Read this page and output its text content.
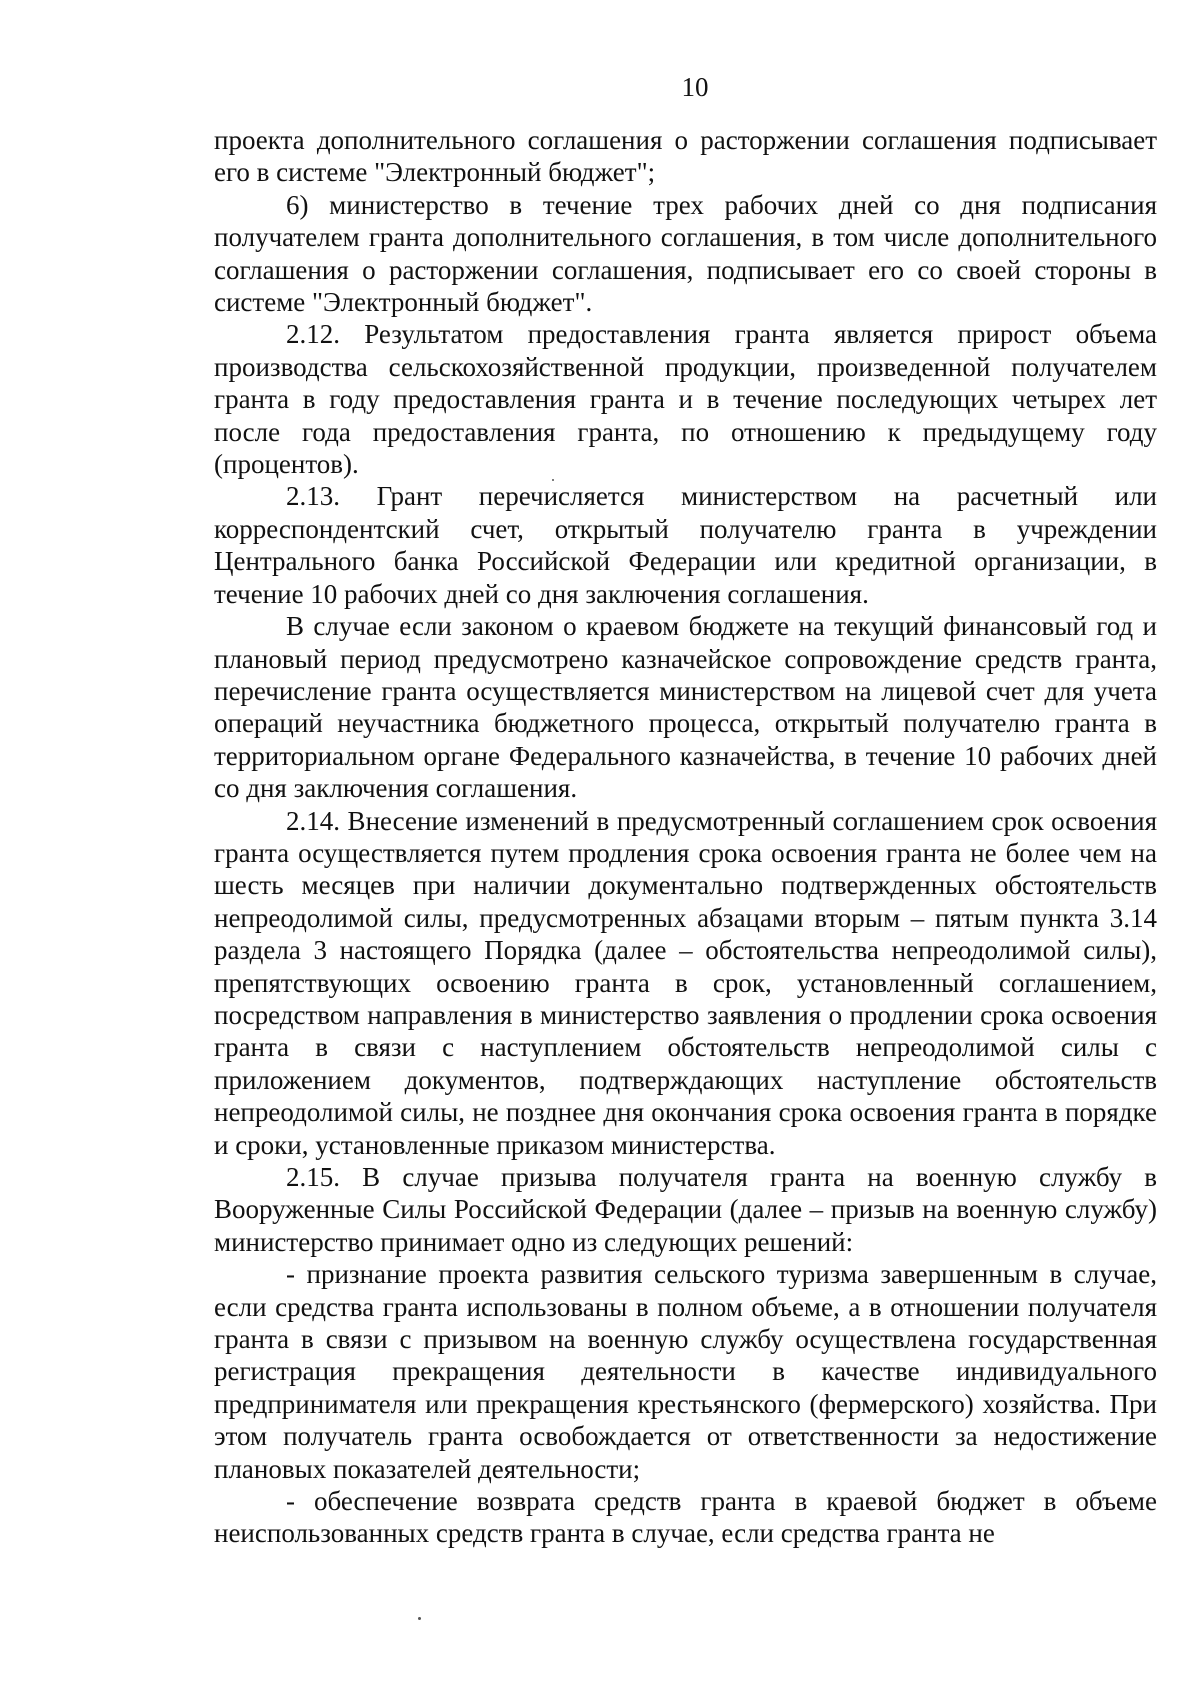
10

проекта дополнительного соглашения о расторжении соглашения подписывает его в системе "Электронный бюджет";

6) министерство в течение трех рабочих дней со дня подписания получателем гранта дополнительного соглашения, в том числе дополнительного соглашения о расторжении соглашения, подписывает его со своей стороны в системе "Электронный бюджет".

2.12. Результатом предоставления гранта является прирост объема производства сельскохозяйственной продукции, произведенной получателем гранта в году предоставления гранта и в течение последующих четырех лет после года предоставления гранта, по отношению к предыдущему году (процентов).

2.13. Грант перечисляется министерством на расчетный или корреспондентский счет, открытый получателю гранта в учреждении Центрального банка Российской Федерации или кредитной организации, в течение 10 рабочих дней со дня заключения соглашения.

В случае если законом о краевом бюджете на текущий финансовый год и плановый период предусмотрено казначейское сопровождение средств гранта, перечисление гранта осуществляется министерством на лицевой счет для учета операций неучастника бюджетного процесса, открытый получателю гранта в территориальном органе Федерального казначейства, в течение 10 рабочих дней со дня заключения соглашения.

2.14. Внесение изменений в предусмотренный соглашением срок освоения гранта осуществляется путем продления срока освоения гранта не более чем на шесть месяцев при наличии документально подтвержденных обстоятельств непреодолимой силы, предусмотренных абзацами вторым – пятым пункта 3.14 раздела 3 настоящего Порядка (далее – обстоятельства непреодолимой силы), препятствующих освоению гранта в срок, установленный соглашением, посредством направления в министерство заявления о продлении срока освоения гранта в связи с наступлением обстоятельств непреодолимой силы с приложением документов, подтверждающих наступление обстоятельств непреодолимой силы, не позднее дня окончания срока освоения гранта в порядке и сроки, установленные приказом министерства.

2.15. В случае призыва получателя гранта на военную службу в Вооруженные Силы Российской Федерации (далее – призыв на военную службу) министерство принимает одно из следующих решений:

- признание проекта развития сельского туризма завершенным в случае, если средства гранта использованы в полном объеме, а в отношении получателя гранта в связи с призывом на военную службу осуществлена государственная регистрация прекращения деятельности в качестве индивидуального предпринимателя или прекращения крестьянского (фермерского) хозяйства. При этом получатель гранта освобождается от ответственности за недостижение плановых показателей деятельности;

- обеспечение возврата средств гранта в краевой бюджет в объеме неиспользованных средств гранта в случае, если средства гранта не
